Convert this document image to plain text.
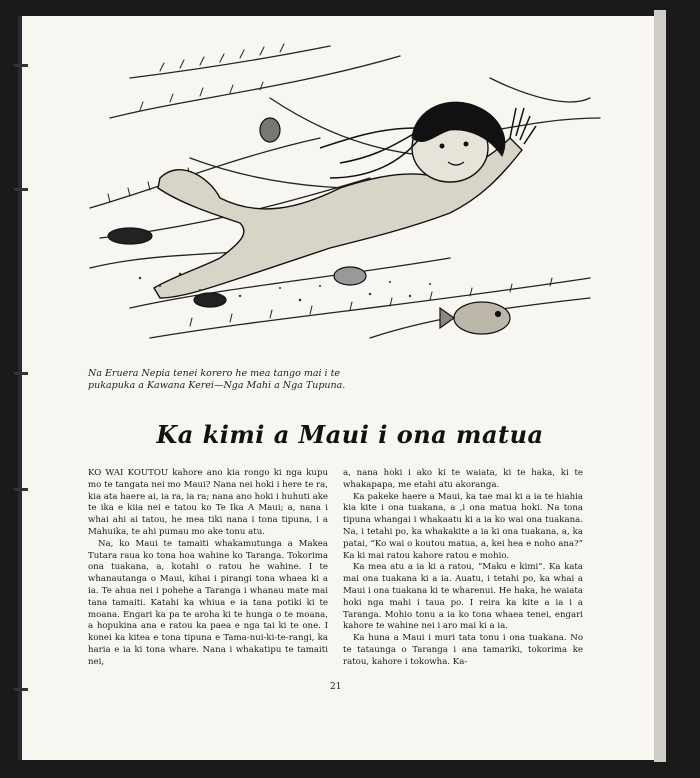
Na Eruera Nepia tenei korero he mea tango mai i te pukapuka a Kawana Kerei—Nga Mahi a Nga Tupuna.
Ka kimi a Maui i ona matua

KO WAI KOUTOU kahore ano kia rongo ki nga kupu mo te tangata nei mo Maui? Nana nei hoki i here te ra, kia ata haere ai, ia ra, ia ra; nana ano hoki i huhuti ake te ika e kiia nei e tatou ko Te Ika A Maui; a, nana i whai ahi ai tatou, he mea tiki nana i tona tipuna, i a Mahuika, te ahi pumau mo ake tonu atu.

Na, ko Maui te tamaiti whakamutunga a Makea Tutara raua ko tona hoa wahine ko Taranga. Tokorima ona tuakana, a, kotahi o ratou he wahine. I te whanautanga o Maui, kihai i pirangi tona whaea ki a ia. Te ahua nei i pohehe a Taranga i whanau mate mai tana tamaiti. Katahi ka whiua e ia tana potiki ki te moana. Engari ka pa te aroha ki te hunga o te moana, a hopukina ana e ratou ka paea e nga tai ki te one. I konei ka kitea e tona tipuna e Tama-nui-ki-te-rangi, ka haria e ia ki tona whare. Nana i whakatipu te tamaiti nei,

a, nana hoki i ako ki te waiata, ki te haka, ki te whakapapa, me etahi atu akoranga.

Ka pakeke haere a Maui, ka tae mai ki a ia te hiahia kia kite i ona tuakana, a ,i ona matua hoki. Na tona tipuna whangai i whakaatu ki a ia ko wai ona tuakana. Na, i tetahi po, ka whakakite a ia ki ona tuakana, a, ka patai, “Ko wai o koutou matua, a, kei hea e noho ana?” Ka ki mai ratou kahore ratou e mohio.

Ka mea atu a ia ki a ratou, “Maku e kimi”. Ka kata mai ona tuakana ki a ia. Auatu, i tetahi po, ka whai a Maui i ona tuakana ki te wharenui. He haka, he waiata hoki nga mahi i taua po. I reira ka kite a ia i a Taranga. Mohio tonu a ia ko tona whaea tenei, engari kahore te wahine nei i aro mai ki a ia.

Ka huna a Maui i muri tata tonu i ona tuakana. No te tataunga o Taranga i ana tamariki, tokorima ke ratou, kahore i tokowha. Ka-

21
